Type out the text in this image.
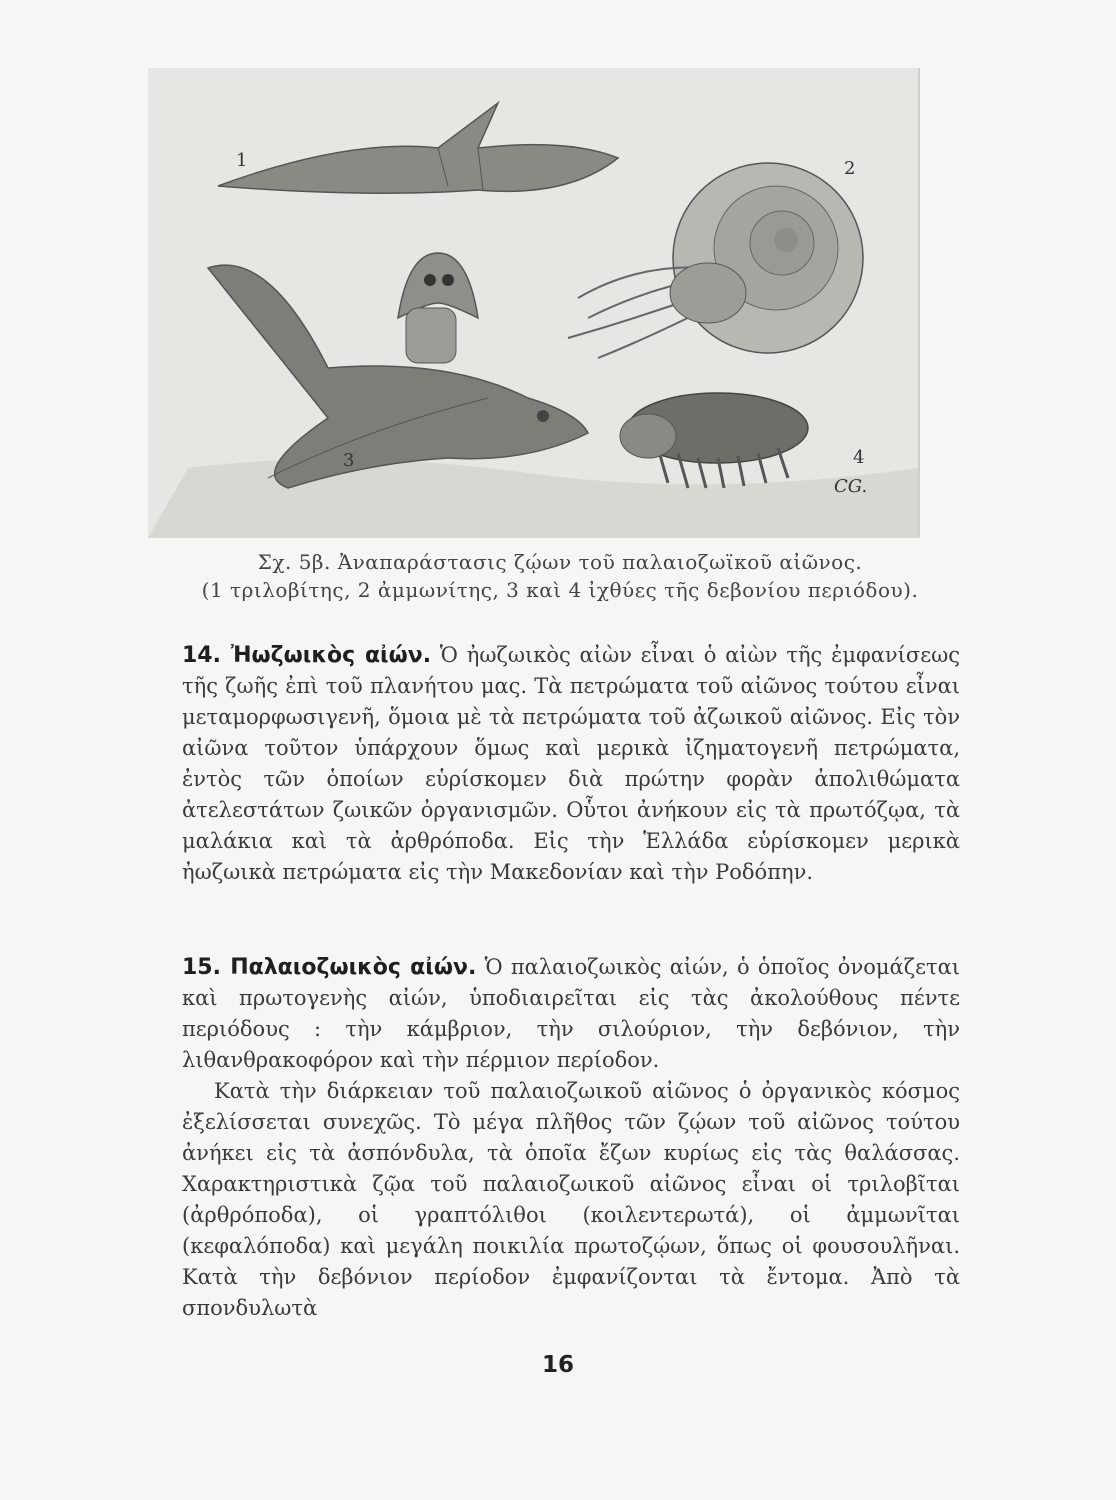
1	2
3	4
CG.
Σχ. 5β. Ἀναπαράστασις ζῴων τοῦ παλαιοζωϊκοῦ αἰῶνος.
(1 τριλοβίτης, 2 ἀμμωνίτης, 3 καὶ 4 ἰχθύες τῆς δεβονίου περιόδου).
14. Ἠωζωικὸς αἰών. Ὁ ἠωζωικὸς αἰὼν εἶναι ὁ αἰὼν τῆς ἐμφανίσεως τῆς ζωῆς ἐπὶ τοῦ πλανήτου μας. Τὰ πετρώματα τοῦ αἰῶνος τούτου εἶναι μεταμορφωσιγενῆ, ὅμοια μὲ τὰ πετρώματα τοῦ ἀζωικοῦ αἰῶνος. Εἰς τὸν αἰῶνα τοῦτον ὑπάρχουν ὅμως καὶ μερικὰ ἰζηματογενῆ πετρώματα, ἐντὸς τῶν ὁποίων εὑρίσκομεν διὰ πρώτην φορὰν ἀπολιθώματα ἀτελεστάτων ζωικῶν ὀργανισμῶν. Οὗτοι ἀνήκουν εἰς τὰ πρωτόζῳα, τὰ μαλάκια καὶ τὰ ἀρθρόποδα. Εἰς τὴν Ἑλλάδα εὑρίσκομεν μερικὰ ἠωζωικὰ πετρώματα εἰς τὴν Μακεδονίαν καὶ τὴν Ροδόπην.
15. Παλαιοζωικὸς αἰών. Ὁ παλαιοζωικὸς αἰών, ὁ ὁποῖος ὀνομάζεται καὶ πρωτογενὴς αἰών, ὑποδιαιρεῖται εἰς τὰς ἀκολούθους πέντε περιόδους : τὴν κάμβριον, τὴν σιλούριον, τὴν δεβόνιον, τὴν λιθανθρακοφόρον καὶ τὴν πέρμιον περίοδον.
Κατὰ τὴν διάρκειαν τοῦ παλαιοζωικοῦ αἰῶνος ὁ ὀργανικὸς κόσμος ἐξελίσσεται συνεχῶς. Τὸ μέγα πλῆθος τῶν ζῴων τοῦ αἰῶνος τούτου ἀνήκει εἰς τὰ ἀσπόνδυλα, τὰ ὁποῖα ἔζων κυρίως εἰς τὰς θαλάσσας. Χαρακτηριστικὰ ζῷα τοῦ παλαιοζωικοῦ αἰῶνος εἶναι οἱ τριλοβῖται (ἀρθρόποδα), οἱ γραπτόλιθοι (κοιλεντερωτά), οἱ ἀμμωνῖται (κεφαλόποδα) καὶ μεγάλη ποικιλία πρωτοζῴων, ὅπως οἱ φουσουλῆναι. Κατὰ τὴν δεβόνιον περίοδον ἐμφανίζονται τὰ ἔντομα. Ἀπὸ τὰ σπονδυλωτὰ
16
